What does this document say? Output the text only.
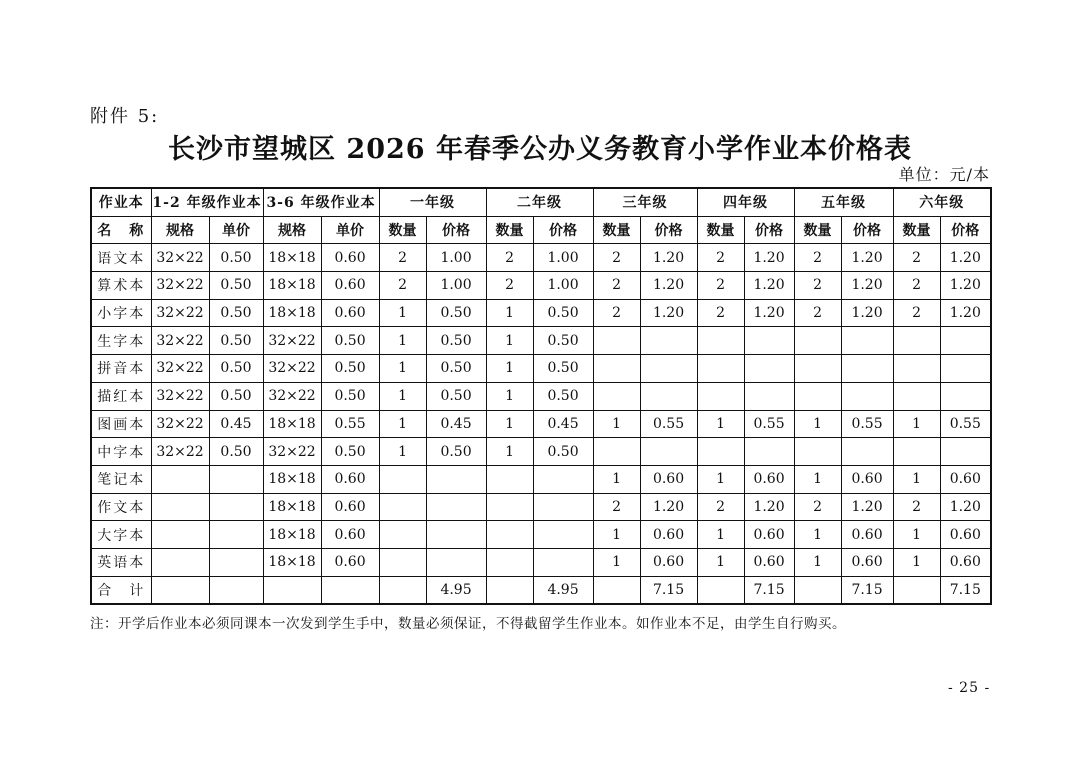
附件 5:
长沙市望城区 2026 年春季公办义务教育小学作业本价格表
单位：元/本
作业本	1-2 年级作业本		3-6 年级作业本		一年级		二年级		三年级		四年级		五年级		六年级	
名　称	规格	单价	规格	单价	数量	价格	数量	价格	数量	价格	数量	价格	数量	价格	数量	价格
语文本	32×22	0.50	18×18	0.60	2	1.00	2	1.00	2	1.20	2	1.20	2	1.20	2	1.20
算术本	32×22	0.50	18×18	0.60	2	1.00	2	1.00	2	1.20	2	1.20	2	1.20	2	1.20
小字本	32×22	0.50	18×18	0.60	1	0.50	1	0.50	2	1.20	2	1.20	2	1.20	2	1.20
生字本	32×22	0.50	32×22	0.50	1	0.50	1	0.50								
拼音本	32×22	0.50	32×22	0.50	1	0.50	1	0.50								
描红本	32×22	0.50	32×22	0.50	1	0.50	1	0.50								
图画本	32×22	0.45	18×18	0.55	1	0.45	1	0.45	1	0.55	1	0.55	1	0.55	1	0.55
中字本	32×22	0.50	32×22	0.50	1	0.50	1	0.50								
笔记本			18×18	0.60					1	0.60	1	0.60	1	0.60	1	0.60
作文本			18×18	0.60					2	1.20	2	1.20	2	1.20	2	1.20
大字本			18×18	0.60					1	0.60	1	0.60	1	0.60	1	0.60
英语本			18×18	0.60					1	0.60	1	0.60	1	0.60	1	0.60
合　计						4.95		4.95		7.15		7.15		7.15		7.15
注：开学后作业本必须同课本一次发到学生手中，数量必须保证，不得截留学生作业本。如作业本不足，由学生自行购买。
- 25 -
